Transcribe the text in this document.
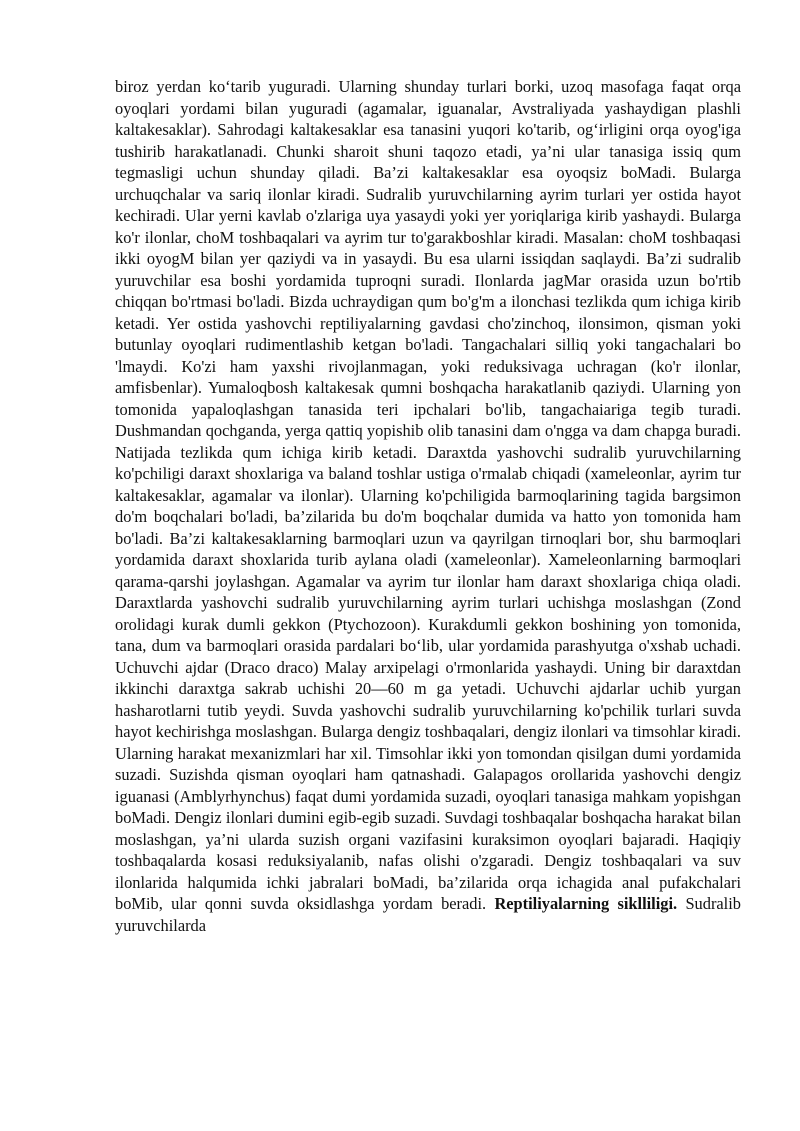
biroz yerdan ko‘tarib yuguradi. Ularning shunday turlari borki, uzoq masofaga faqat orqa oyoqlari yordami bilan yuguradi (agamalar, iguanalar, Avstraliyada yashaydigan plashli kaltakesaklar). Sahrodagi kaltakesaklar esa tanasini yuqori ko'tarib, og‘irligini orqa oyog'iga tushirib harakatlanadi. Chunki sharoit shuni taqozo etadi, ya’ni ular tanasiga issiq qum tegmasligi uchun shunday qiladi. Ba’zi kaltakesaklar esa oyoqsiz boMadi. Bularga urchuqchalar va sariq ilonlar kiradi. Sudralib yuruvchilarning ayrim turlari yer ostida hayot kechiradi. Ular yerni kavlab o'zlariga uya yasaydi yoki yer yoriqlariga kirib yashaydi. Bularga ko'r ilonlar, choM toshbaqalari va ayrim tur to'garakboshlar kiradi. Masalan: choM toshbaqasi ikki oyogM bilan yer qaziydi va in yasaydi. Bu esa ularni issiqdan saqlaydi. Ba’zi sudralib yuruvchilar esa boshi yordamida tuproqni suradi. Ilonlarda jagMar orasida uzun bo'rtib chiqqan bo'rtmasi bo'ladi. Bizda uchraydigan qum bo'g'm a ilonchasi tezlikda qum ichiga kirib ketadi. Yer ostida yashovchi reptiliyalarning gavdasi cho'zinchoq, ilonsimon, qisman yoki butunlay oyoqlari rudimentlashib ketgan bo'ladi. Tangachalari silliq yoki tangachalari bo 'lmaydi. Ko'zi ham yaxshi rivojlanmagan, yoki reduksivaga uchragan (ko'r ilonlar, amfisbenlar). Yumaloqbosh kaltakesak qumni boshqacha harakatlanib qaziydi. Ularning yon tomonida yapaloqlashgan tanasida teri ipchalari bo'lib, tangachaiariga tegib turadi. Dushmandan qochganda, yerga qattiq yopishib olib tanasini dam o'ngga va dam chapga buradi. Natijada tezlikda qum ichiga kirib ketadi. Daraxtda yashovchi sudralib yuruvchilarning ko'pchiligi daraxt shoxlariga va baland toshlar ustiga o'rmalab chiqadi (xameleonlar, ayrim tur kaltakesaklar, agamalar va ilonlar). Ularning ko'pchiligida barmoqlarining tagida bargsimon do'm boqchalari bo'ladi, ba’zilarida bu do'm boqchalar dumida va hatto yon tomonida ham bo'ladi. Ba’zi kaltakesaklarning barmoqlari uzun va qayrilgan tirnoqlari bor, shu barmoqlari yordamida daraxt shoxlarida turib aylana oladi (xameleonlar). Xameleonlarning barmoqlari qarama-qarshi joylashgan. Agamalar va ayrim tur ilonlar ham daraxt shoxlariga chiqa oladi. Daraxtlarda yashovchi sudralib yuruvchilarning ayrim turlari uchishga moslashgan (Zond orolidagi kurak dumli gekkon (Ptychozoon). Kurakdumli gekkon boshining yon tomonida, tana, dum va barmoqlari orasida pardalari bo‘lib, ular yordamida parashyutga o'xshab uchadi. Uchuvchi ajdar (Draco draco) Malay arxipelagi o'rmonlarida yashaydi. Uning bir daraxtdan ikkinchi daraxtga sakrab uchishi 20—60 m ga yetadi. Uchuvchi ajdarlar uchib yurgan hasharotlarni tutib yeydi. Suvda yashovchi sudralib yuruvchilarning ko'pchilik turlari suvda hayot kechirishga moslashgan. Bularga dengiz toshbaqalari, dengiz ilonlari va timsohlar kiradi. Ularning harakat mexanizmlari har xil. Timsohlar ikki yon tomondan qisilgan dumi yordamida suzadi. Suzishda qisman oyoqlari ham qatnashadi. Galapagos orollarida yashovchi dengiz iguanasi (Amblyrhynchus) faqat dumi yordamida suzadi, oyoqlari tanasiga mahkam yopishgan boMadi. Dengiz ilonlari dumini egib-egib suzadi. Suvdagi toshbaqalar boshqacha harakat bilan moslashgan, ya’ni ularda suzish organi vazifasini kuraksimon oyoqlari bajaradi. Haqiqiy toshbaqalarda kosasi reduksiyalanib, nafas olishi o'zgaradi. Dengiz toshbaqalari va suv ilonlarida halqumida ichki jabralari boMadi, ba’zilarida orqa ichagida anal pufakchalari boMib, ular qonni suvda oksidlashga yordam beradi. Reptiliyalarning siklliligi. Sudralib yuruvchilarda
